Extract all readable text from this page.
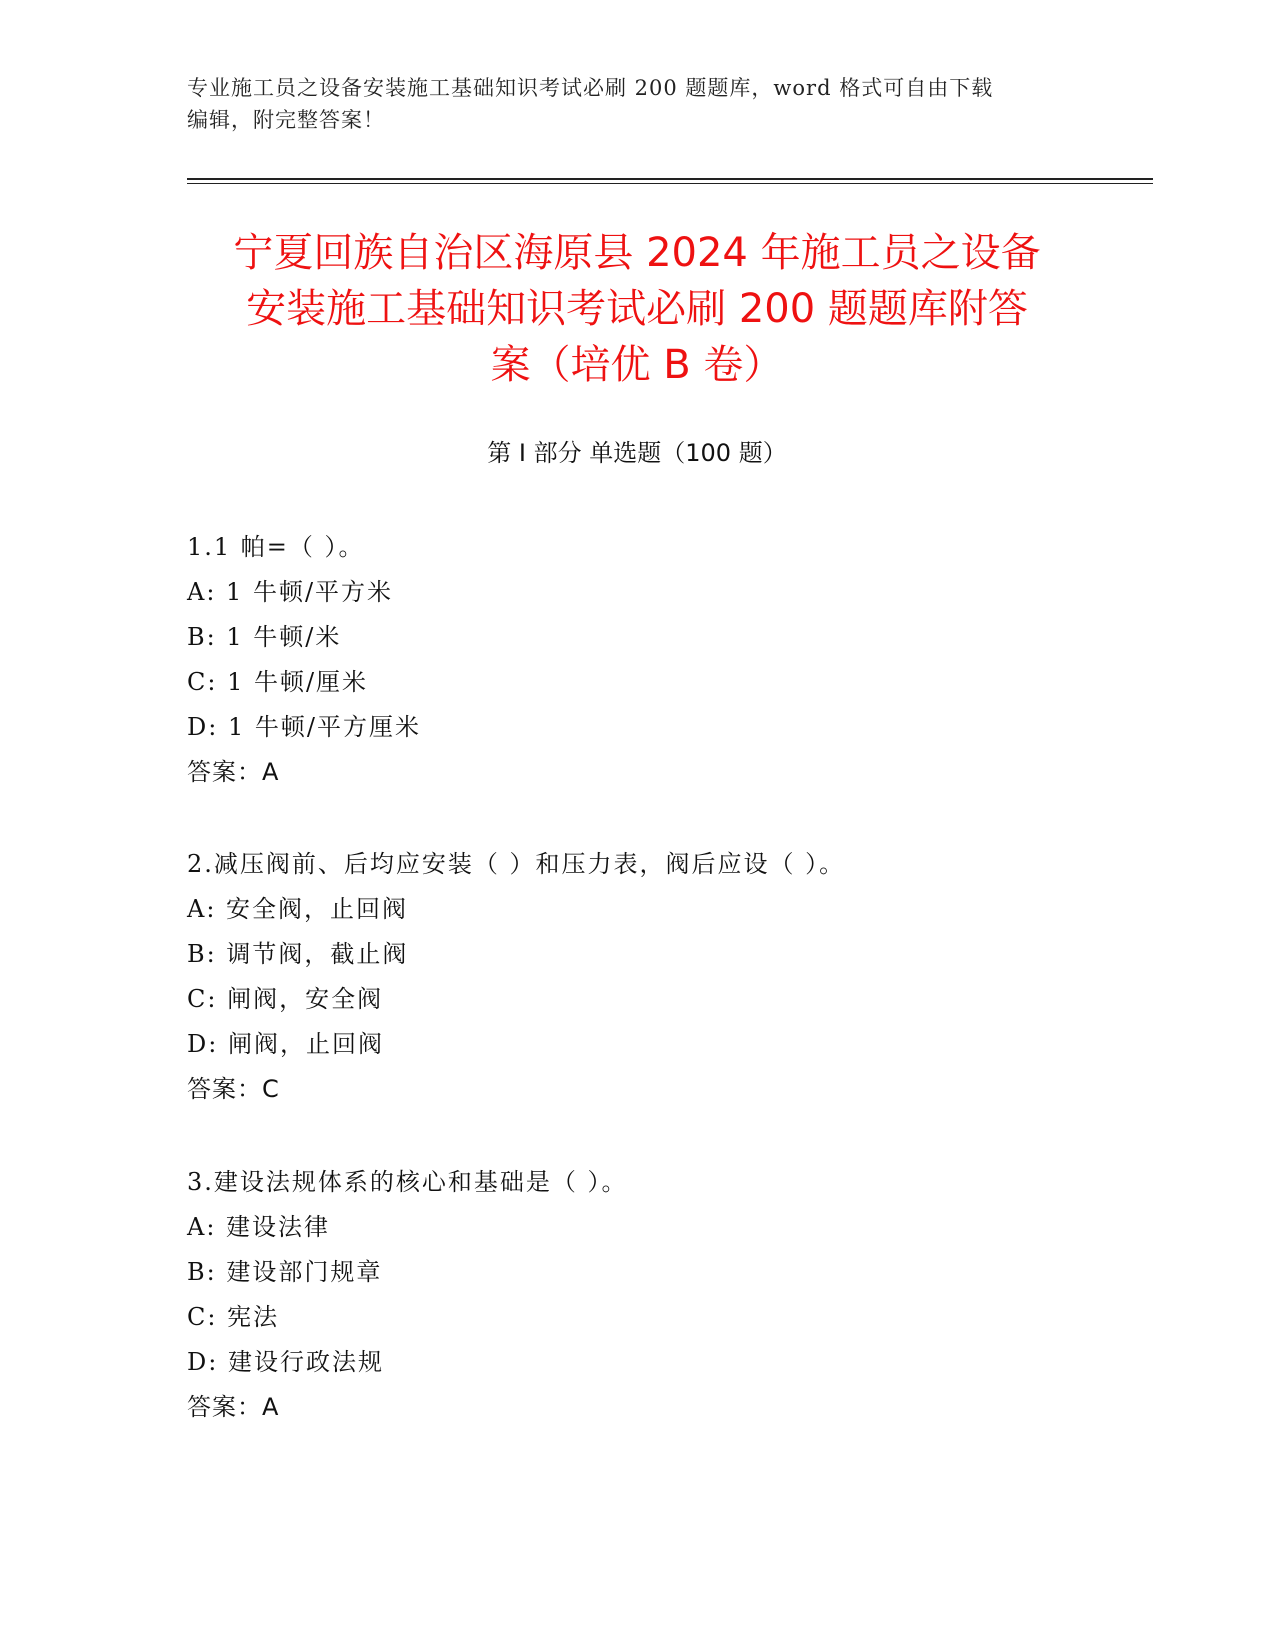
专业施工员之设备安装施工基础知识考试必刷 200 题题库，word 格式可自由下载
编辑，附完整答案！
宁夏回族自治区海原县 2024 年施工员之设备
安装施工基础知识考试必刷 200 题题库附答
案（培优 B 卷）
第 I 部分 单选题（100 题）
1.1 帕=（ ）。
A: 1 牛顿/平方米
B: 1 牛顿/米
C: 1 牛顿/厘米
D: 1 牛顿/平方厘米
答案：A
2.减压阀前、后均应安装（ ）和压力表，阀后应设（ ）。
A: 安全阀，止回阀
B: 调节阀，截止阀
C: 闸阀，安全阀
D: 闸阀，止回阀
答案：C
3.建设法规体系的核心和基础是（ ）。
A: 建设法律
B: 建设部门规章
C: 宪法
D: 建设行政法规
答案：A
